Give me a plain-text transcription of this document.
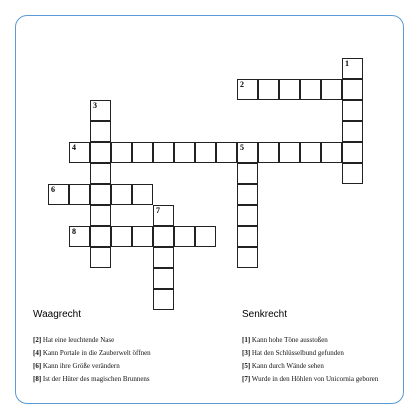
1
2
3
4	5
6
7
8
Waagrecht	Senkrecht
[2] Hat eine leuchtende Nase
[4] Kann Portale in die Zauberwelt öffnen
[6] Kann ihre Größe verändern
[8] Ist der Hüter des magischen Brunnens
[1] Kann hohe Töne ausstoßen
[3] Hat den Schlüsselbund gefunden
[5] Kann durch Wände sehen
[7] Wurde in den Höhlen von Unicornia geboren
